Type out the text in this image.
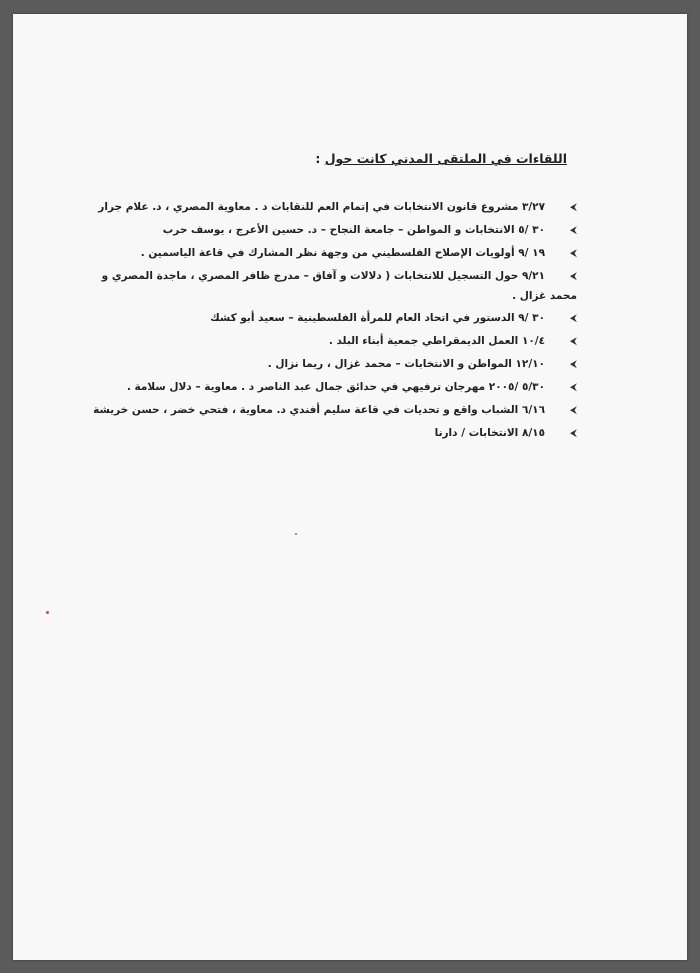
اللقاءات في الملتقى المدني كانت حول :
⮜
٣/٢٧ مشروع قانون الانتخابات في إتمام العم للنقابات د . معاوية المصري ، د. علام جرار
⮜
٣٠ /٥ الانتخابات و المواطن – جامعة النجاح – د. حسين الأعرج ، يوسف حرب
⮜
١٩ /٩ أولويات الإصلاح الفلسطيني من وجهة نظر المشارك في قاعة الياسمين .
⮜
٩/٢١ حول التسجيل للانتخابات ( دلالات و آفاق – مدرج ظافر المصري ، ماجدة المصري و
محمد غزال .
⮜
٣٠ /٩ الدستور في اتحاد العام للمرأة الفلسطينية – سعيد أبو كشك
⮜
١٠/٤ العمل الديمقراطي جمعية أبناء البلد .
⮜
١٢/١٠ المواطن و الانتخابات – محمد غزال ، ريما نزال .
⮜
٥/٣٠ /٢٠٠٥ مهرجان ترفيهي في حدائق جمال عبد الناصر د . معاوية – دلال سلامة .
⮜
٦/١٦ الشباب واقع و تحديات في قاعة سليم أفندي د. معاوية ، فتحي خضر ، حسن خريشة
⮜
٨/١٥ الانتخابات / دارنا
